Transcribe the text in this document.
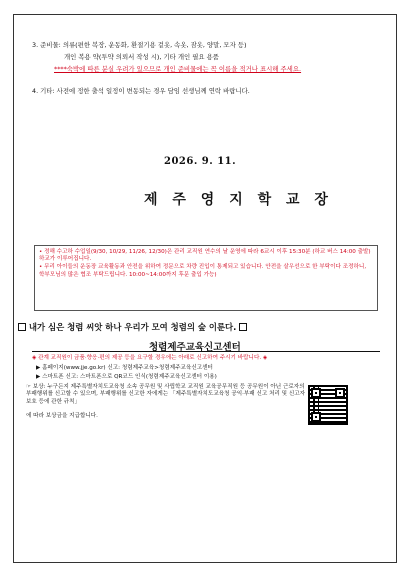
3. 준비물: 의류(편한 복장, 운동화, 환절기용 겉옷, 속옷, 잠옷, 양말, 모자 등)
개인 복용 약(투약 의뢰서 작성 시), 기타 개인 필요 용품
****숙박에 따른 분실 우려가 있으므로 개인 준비물에는 꼭 이름을 적거나 표시해 주세요.
4. 기타: 사전에 정한 출석 일정이 변동되는 경우 담임 선생님께 연락 바랍니다.
2026. 9. 11.
제 주 영 지 학 교 장

• 정해 수고하 수업일(9/30, 10/29, 11/26, 12/30)은 관리 교직원 연수의 날 운영에 따라 6교시 이후 15:30분 (하교 버스 14:00 출발) 하교가 이루어집니다.

• 무리 아이들의 운동장 교육활동과 안전을 위하여 정문으로 차량 진입이 통제되고 있습니다. 안전을 살우선으로 한 부탁이다 조정하니, 학부모님의 많은 협조 부탁드립니다. 10:00~14:00까지 후문 출입 가능)

내가 심은 청렴 씨앗 하나 우리가 모여 청렴의 숲 이룬다.
청렴제주교육신고센터
◈ 관계 교직원이 금품·향응·편의 제공 등을 요구할 경우에는 아래로 신고하여 주시기 바랍니다. ◈
▶ 홈페이지(www.jje.go.kr) 신고: 청렴제주교육>청렴제주교육신고센터
▶ 스마트폰 신고: 스마트폰으로 QR코드 인식(청렴제주교육신고센터 이용)
☞ 보상: 누구든지 제주특별자치도교육청 소속 공무원 및 사립학교 교직원 교육공무직원 등 공무원이 아닌 근로자의 부패행위를 신고할 수 있으며, 부패행위를 신고한 자에게는 「제주특별자치도교육청 공익·부패 신고 처리 및 신고자 보호 등에 관한 규칙」
에 따라 보상금을 지급합니다.
